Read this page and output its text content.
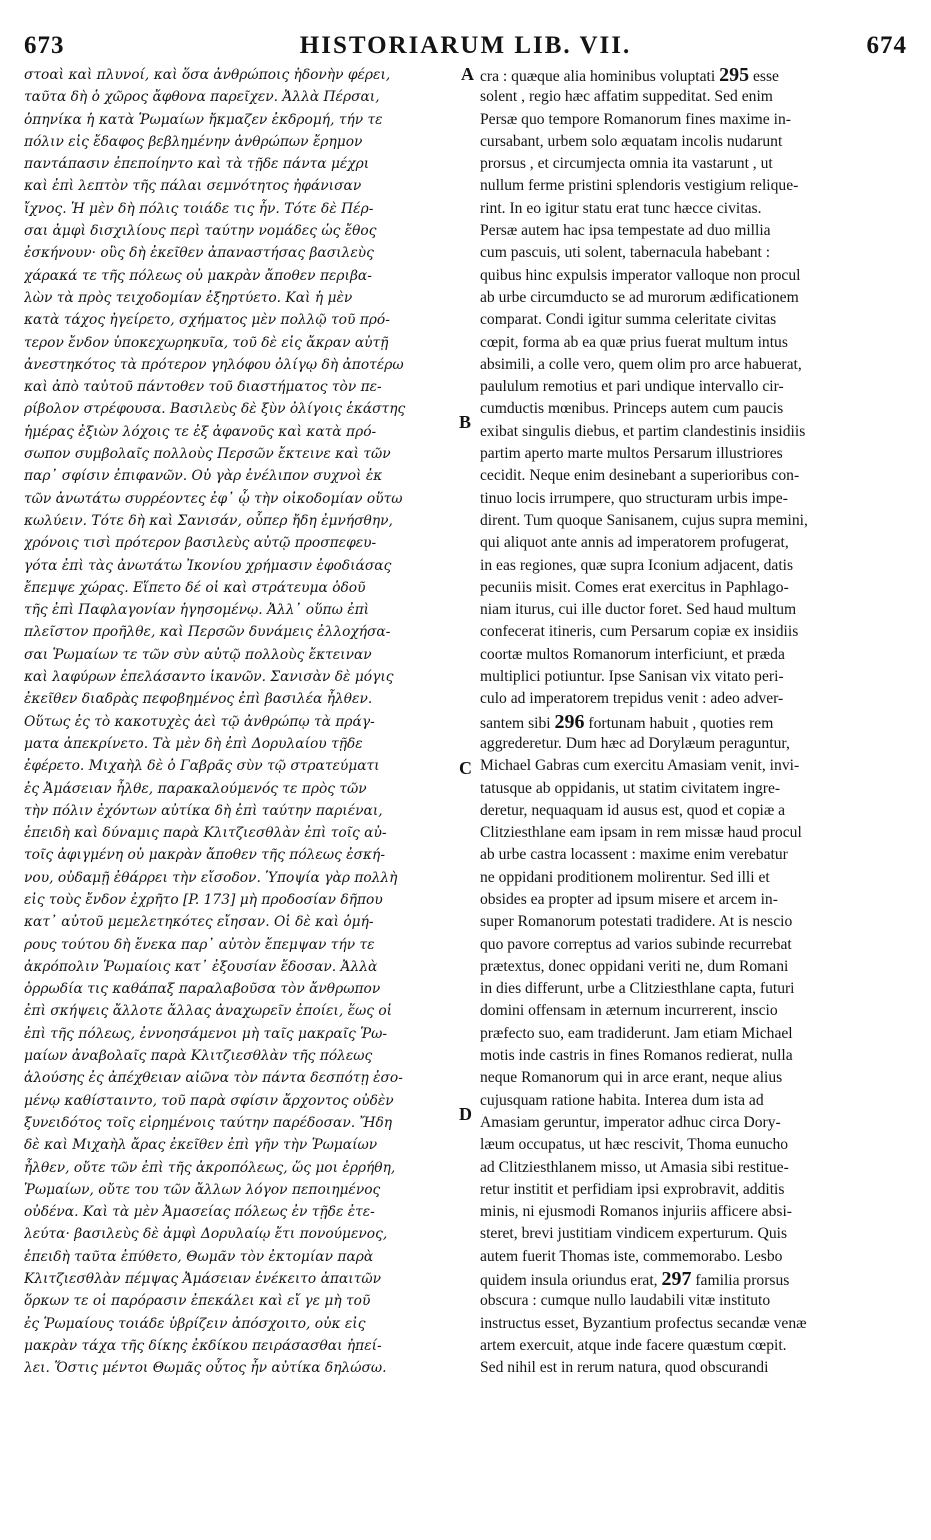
673	HISTORIARUM LIB. VII.	674
στοαὶ καὶ πλυνοί, καὶ ὅσα ἀνθρώποις ἡδονὴν φέρει,
ταῦτα δὴ ὁ χῶρος ἄφθονα παρεῖχεν. Ἀλλὰ Πέρσαι,
ὁπηνίκα ἡ κατὰ Ῥωμαίων ἤκμαζεν ἐκδρομή, τήν τε
πόλιν εἰς ἔδαφος βεβλημένην ἀνθρώπων ἔρημον
παντάπασιν ἐπεποίηντο καὶ τὰ τῇδε πάντα μέχρι
καὶ ἐπὶ λεπτὸν τῆς πάλαι σεμνότητος ἠφάνισαν
ἴχνος. Ἡ μὲν δὴ πόλις τοιάδε τις ἦν. Τότε δὲ Πέρ-
σαι ἀμφὶ δισχιλίους περὶ ταύτην νομάδες ὡς ἔθος
ἐσκήνουν· οὓς δὴ ἐκεῖθεν ἀπαναστήσας βασιλεὺς
χάρακά τε τῆς πόλεως οὐ μακρὰν ἄποθεν περιβα-
λὼν τὰ πρὸς τειχοδομίαν ἐξηρτύετο. Καὶ ἡ μὲν
κατὰ τάχος ἠγείρετο, σχήματος μὲν πολλῷ τοῦ πρό-
τερον ἔνδον ὑποκεχωρηκυῖα, τοῦ δὲ εἰς ἄκραν αὐτῇ
ἀνεστηκότος τὰ πρότερον γηλόφου ὀλίγῳ δὴ ἀποτέρω
καὶ ἀπὸ ταὐτοῦ πάντοθεν τοῦ διαστήματος τὸν πε-
ρίβολον στρέφουσα. Βασιλεὺς δὲ ξὺν ὀλίγοις ἑκάστης
ἡμέρας ἐξιὼν λόχοις τε ἐξ ἀφανοῦς καὶ κατὰ πρό-
σωπον συμβολαῖς πολλοὺς Περσῶν ἔκτεινε καὶ τῶν
παρ᾽ σφίσιν ἐπιφανῶν. Οὐ γὰρ ἐνέλιπον συχνοὶ ἐκ
τῶν ἀνωτάτω συρρέοντες ἐφ᾽ ᾧ τὴν οἰκοδομίαν οὕτω
κωλύειν. Τότε δὴ καὶ Σανισάν, οὗπερ ἤδη ἐμνήσθην,
χρόνοις τισὶ πρότερον βασιλεὺς αὐτῷ προσπεφευ-
γότα ἐπὶ τὰς ἀνωτάτω Ἰκονίου χρήμασιν ἐφοδιάσας
ἔπεμψε χώρας. Εἵπετο δέ οἱ καὶ στράτευμα ὁδοῦ
τῆς ἐπὶ Παφλαγονίαν ἡγησομένῳ. Ἀλλ᾽ οὕπω ἐπὶ
πλεῖστον προῆλθε, καὶ Περσῶν δυνάμεις ἐλλοχήσα-
σαι Ῥωμαίων τε τῶν σὺν αὐτῷ πολλοὺς ἔκτειναν
καὶ λαφύρων ἐπελάσαντο ἱκανῶν. Σανισὰν δὲ μόγις
ἐκεῖθεν διαδρὰς πεφοβημένος ἐπὶ βασιλέα ἦλθεν.
Οὕτως ἐς τὸ κακοτυχὲς ἀεὶ τῷ ἀνθρώπῳ τὰ πράγ-
ματα ἀπεκρίνετο. Τὰ μὲν δὴ ἐπὶ Δορυλαίου τῇδε
ἐφέρετο. Μιχαὴλ δὲ ὁ Γαβρᾶς σὺν τῷ στρατεύματι
ἐς Ἀμάσειαν ἦλθε, παρακαλούμενός τε πρὸς τῶν
τὴν πόλιν ἐχόντων αὐτίκα δὴ ἐπὶ ταύτην παριέναι,
ἐπειδὴ καὶ δύναμις παρὰ Κλιτζιεσθλὰν ἐπὶ τοῖς αὐ-
τοῖς ἀφιγμένη οὐ μακρὰν ἄποθεν τῆς πόλεως ἐσκή-
νου, οὐδαμῇ ἐθάρρει τὴν εἴσοδον. Ὑποψία γὰρ πολλὴ
εἰς τοὺς ἔνδον ἐχρῆτο [P. 173] μὴ προδοσίαν δῆπου
κατ᾽ αὐτοῦ μεμελετηκότες εἴησαν. Οἱ δὲ καὶ ὁμή-
ρους τούτου δὴ ἕνεκα παρ᾽ αὐτὸν ἔπεμψαν τήν τε
ἀκρόπολιν Ῥωμαίοις κατ᾽ ἐξουσίαν ἔδοσαν. Ἀλλὰ
ὀρρωδία τις καθάπαξ παραλαβοῦσα τὸν ἄνθρωπον
ἐπὶ σκήψεις ἄλλοτε ἄλλας ἀναχωρεῖν ἐποίει, ἕως οἱ
ἐπὶ τῆς πόλεως, ἐννοησάμενοι μὴ ταῖς μακραῖς Ῥω-
μαίων ἀναβολαῖς παρὰ Κλιτζιεσθλὰν τῆς πόλεως
ἁλούσης ἐς ἀπέχθειαν αἰῶνα τὸν πάντα δεσπότῃ ἐσο-
μένῳ καθίσταιντο, τοῦ παρὰ σφίσιν ἄρχοντος οὐδὲν
ξυνειδότος τοῖς εἰρημένοις ταύτην παρέδοσαν. Ἤδη
δὲ καὶ Μιχαὴλ ἄρας ἐκεῖθεν ἐπὶ γῆν τὴν Ῥωμαίων
ἦλθεν, οὔτε τῶν ἐπὶ τῆς ἀκροπόλεως, ὥς μοι ἐρρήθη,
Ῥωμαίων, οὔτε του τῶν ἄλλων λόγον πεποιημένος
οὐδένα. Καὶ τὰ μὲν Ἀμασείας πόλεως ἐν τῇδε ἐτε-
λεύτα· βασιλεὺς δὲ ἀμφὶ Δορυλαίῳ ἔτι πονούμενος,
ἐπειδὴ ταῦτα ἐπύθετο, Θωμᾶν τὸν ἐκτομίαν παρὰ
Κλιτζιεσθλὰν πέμψας Ἀμάσειαν ἐνέκειτο ἀπαιτῶν
ὅρκων τε οἱ παρόρασιν ἐπεκάλει καὶ εἴ γε μὴ τοῦ
ἐς Ῥωμαίους τοιάδε ὑβρίζειν ἀπόσχοιτο, οὐκ εἰς
μακρὰν τάχα τῆς δίκης ἐκδίκου πειράσασθαι ἠπεί-
λει. Ὅστις μέντοι Θωμᾶς οὗτος ἦν αὐτίκα δηλώσω.
cra : quæque alia hominibus voluptati 295 esse
solent , regio hæc affatim suppeditat. Sed enim
Persæ quo tempore Romanorum fines maxime in-
cursabant, urbem solo æquatam incolis nudarunt
prorsus , et circumjecta omnia ita vastarunt , ut
nullum ferme pristini splendoris vestigium relique-
rint. In eo igitur statu erat tunc hæcce civitas.
Persæ autem hac ipsa tempestate ad duo millia
cum pascuis, uti solent, tabernacula habebant :
quibus hinc expulsis imperator valloque non procul
ab urbe circumducto se ad murorum ædificationem
comparat. Condi igitur summa celeritate civitas
cœpit, forma ab ea quæ prius fuerat multum intus
absimili, a colle vero, quem olim pro arce habuerat,
paululum remotius et pari undique intervallo cir-
cumductis mœnibus. Princeps autem cum paucis
exibat singulis diebus, et partim clandestinis insidiis
partim aperto marte multos Persarum illustriores
cecidit. Neque enim desinebant a superioribus con-
tinuo locis irrumpere, quo structuram urbis impe-
dirent. Tum quoque Sanisanem, cujus supra memini,
qui aliquot ante annis ad imperatorem profugerat,
in eas regiones, quæ supra Iconium adjacent, datis
pecuniis misit. Comes erat exercitus in Paphlago-
niam iturus, cui ille ductor foret. Sed haud multum
confecerat itineris, cum Persarum copiæ ex insidiis
coortæ multos Romanorum interficiunt, et præda
multiplici potiuntur. Ipse Sanisan vix vitato peri-
culo ad imperatorem trepidus venit : adeo adver-
santem sibi 296 fortunam habuit , quoties rem
aggrederetur. Dum hæc ad Dorylæum peraguntur,
Michael Gabras cum exercitu Amasiam venit, invi-
tatusque ab oppidanis, ut statim civitatem ingre-
deretur, nequaquam id ausus est, quod et copiæ a
Clitziesthlane eam ipsam in rem missæ haud procul
ab urbe castra locassent : maxime enim verebatur
ne oppidani proditionem molirentur. Sed illi et
obsides ea propter ad ipsum misere et arcem in-
super Romanorum potestati tradidere. At is nescio
quo pavore correptus ad varios subinde recurrebat
prætextus, donec oppidani veriti ne, dum Romani
in dies differunt, urbe a Clitziesthlane capta, futuri
domini offensam in æternum incurrerent, inscio
præfecto suo, eam tradiderunt. Jam etiam Michael
motis inde castris in fines Romanos redierat, nulla
neque Romanorum qui in arce erant, neque alius
cujusquam ratione habita. Interea dum ista ad
Amasiam geruntur, imperator adhuc circa Dory-
læum occupatus, ut hæc rescivit, Thoma eunucho
ad Clitziesthlanem misso, ut Amasia sibi restitue-
retur institit et perfidiam ipsi exprobravit, additis
minis, ni ejusmodi Romanos injuriis afficere absi-
steret, brevi justitiam vindicem experturum. Quis
autem fuerit Thomas iste, commemorabo. Lesbo
quidem insula oriundus erat, 297 familia prorsus
obscura : cumque nullo laudabili vitæ instituto
instructus esset, Byzantium profectus secandæ venæ
artem exercuit, atque inde facere quæstum cœpit.
Sed nihil est in rerum natura, quod obscurandi
A
B
C
D
